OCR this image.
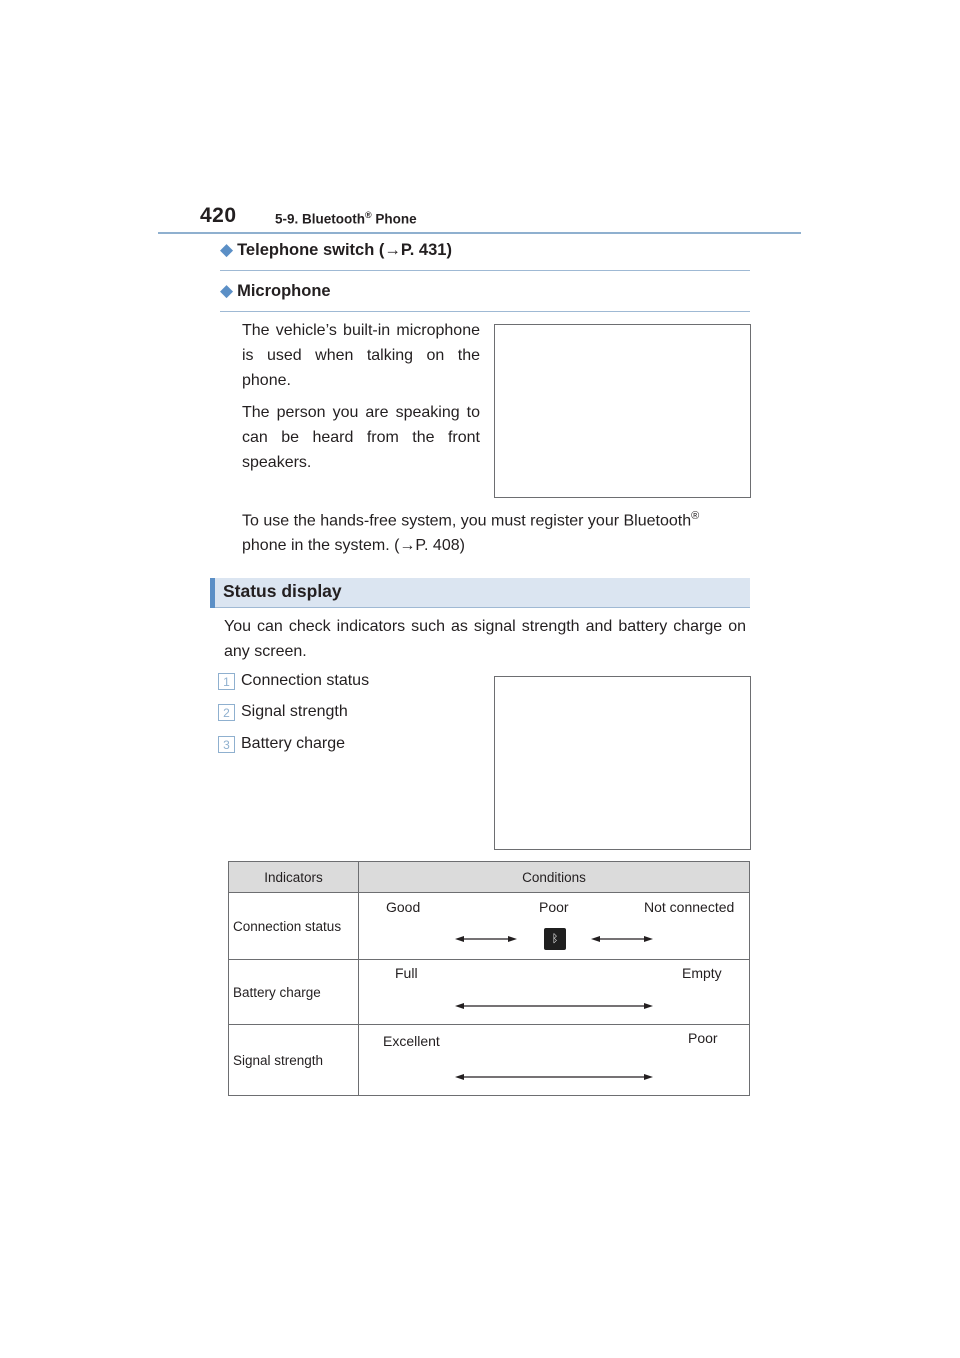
420	5-9. Bluetooth® Phone
◆ Telephone switch (→P. 431)
◆ Microphone
The vehicle’s built-in microphone is used when talking on the phone.
The person you are speaking to can be heard from the front speakers.
To use the hands-free system, you must register your Bluetooth®
phone in the system. (→P. 408)
Status display
You can check indicators such as signal strength and battery charge on any screen.
1 Connection status
2 Signal strength
3 Battery charge
Indicators	Conditions
Connection status	Good Poor Not connected
ᛒ

Battery charge	Full Empty

Signal strength	Excellent Poor
